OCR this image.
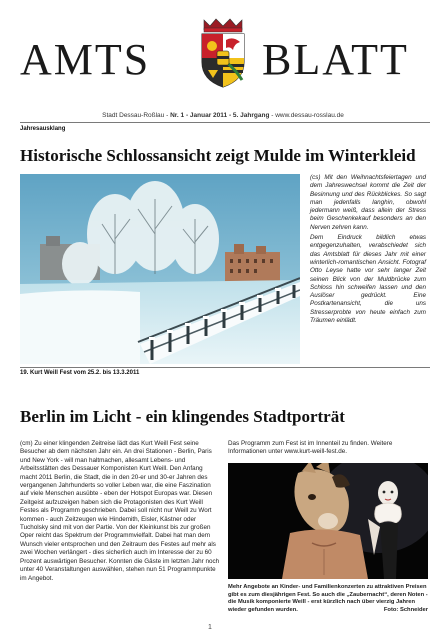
AMTS	BLATT
Stadt Dessau-Roßlau - Nr. 1 - Januar 2011 - 5. Jahrgang - www.dessau-rosslau.de
Jahresausklang
Historische Schlossansicht zeigt Mulde im Winterkleid

(cs) Mit den Weihnachtsfeiertagen und dem Jahreswechsel kommt die Zeit der Besinnung und des Rückblickes. So sagt man jedenfalls langhin, obwohl jedermann weiß, dass allein der Stress beim Geschenkekauf besonders an den Nerven zehren kann.

Dem Eindruck bildlich etwas entgegenzuhalten, verabschiedet sich das Amtsblatt für dieses Jahr mit einer winterlich-romantischen Ansicht. Fotograf Otto Leyse hatte vor sehr langer Zeit seinen Blick von der Muldbrücke zum Schloss hin schweifen lassen und den Auslöser gedrückt. Eine Postkartenansicht, die uns Stresserprobte von heute einfach zum Träumen einlädt.

19. Kurt Weill Fest vom 25.2. bis 13.3.2011
Berlin im Licht - ein klingendes Stadtporträt

(cm) Zu einer klingenden Zeitreise lädt das Kurt Weill Fest seine Besucher ab dem nächsten Jahr ein. An drei Stationen - Berlin, Paris und New York - will man haltmachen, allesamt Lebens- und Arbeitsstätten des Dessauer Komponisten Kurt Weill. Den Anfang macht 2011 Berlin, die Stadt, die in den 20-er und 30-er Jahren des vergangenen Jahrhunderts so voller Leben war, die eine Faszination auf viele Menschen ausübte - eben der Hotspot Europas war. Diesen Zeitgeist aufzuzeigen haben sich die Protagonisten des Kurt Weill Festes als Programm geschrieben. Dabei soll nicht nur Weill zu Wort kommen - auch Zeitzeugen wie Hindemith, Eisler, Kästner oder Tucholsky sind mit von der Partie. Von der Kleinkunst bis zur großen Oper reicht das Spektrum der Programmvielfalt. Dabei hat man dem Wunsch vieler entsprochen und den Zeitraum des Festes auf mehr als zwei Wochen verlängert - dies sicherlich auch im Interesse der zu 60 Prozent auswärtigen Besucher. Konnten die Gäste im letzten Jahr noch unter 40 Veranstaltungen auswählen, stehen nun 51 Programmpunkte im Angebot.

Das Programm zum Fest ist im Innenteil zu finden. Weitere Informationen unter www.kurt-weill-fest.de.

Mehr Angebote an Kinder- und Familienkonzerten zu attraktiven Preisen gibt es zum diesjährigen Fest. So auch die „Zaubernacht“, deren Noten - die Musik komponierte Weill - erst kürzlich nach über vierzig Jahren wieder gefunden wurden.	Foto: Schneider
1
